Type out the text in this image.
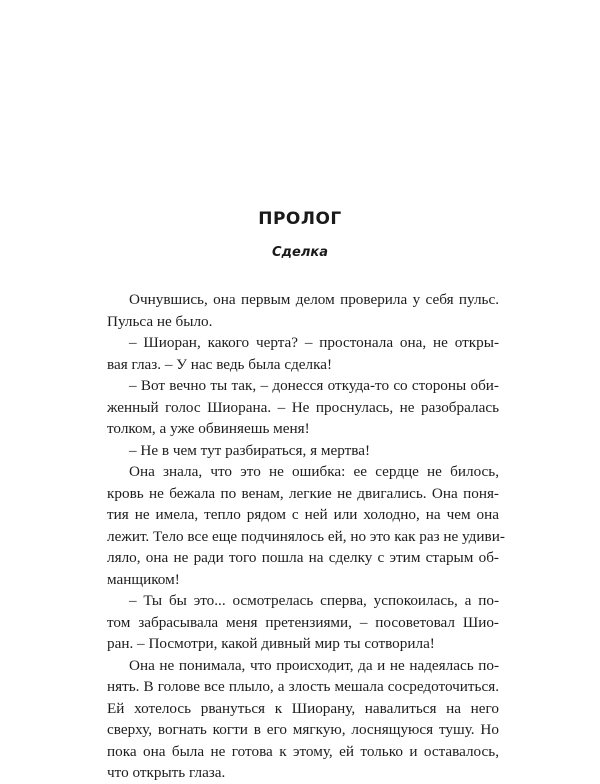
ПРОЛОГ
Сделка
Очнувшись, она первым делом проверила у себя пульс.
Пульса не было.
– Шиоран, какого черта? – простонала она, не откры-
вая глаз. – У нас ведь была сделка!
– Вот вечно ты так, – донесся откуда-то со стороны оби-
женный голос Шиорана. – Не проснулась, не разобралась
толком, а уже обвиняешь меня!
– Не в чем тут разбираться, я мертва!
Она знала, что это не ошибка: ее сердце не билось,
кровь не бежала по венам, легкие не двигались. Она поня-
тия не имела, тепло рядом с ней или холодно, на чем она
лежит. Тело все еще подчинялось ей, но это как раз не удиви-
ляло, она не ради того пошла на сделку с этим старым об-
манщиком!
– Ты бы это... осмотрелась сперва, успокоилась, а по-
том забрасывала меня претензиями, – посоветовал Шио-
ран. – Посмотри, какой дивный мир ты сотворила!
Она не понимала, что происходит, да и не надеялась по-
нять. В голове все плыло, а злость мешала сосредоточиться.
Ей хотелось рвануться к Шиорану, навалиться на него
сверху, вогнать когти в его мягкую, лоснящуюся тушу. Но
пока она была не готова к этому, ей только и оставалось,
что открыть глаза.
